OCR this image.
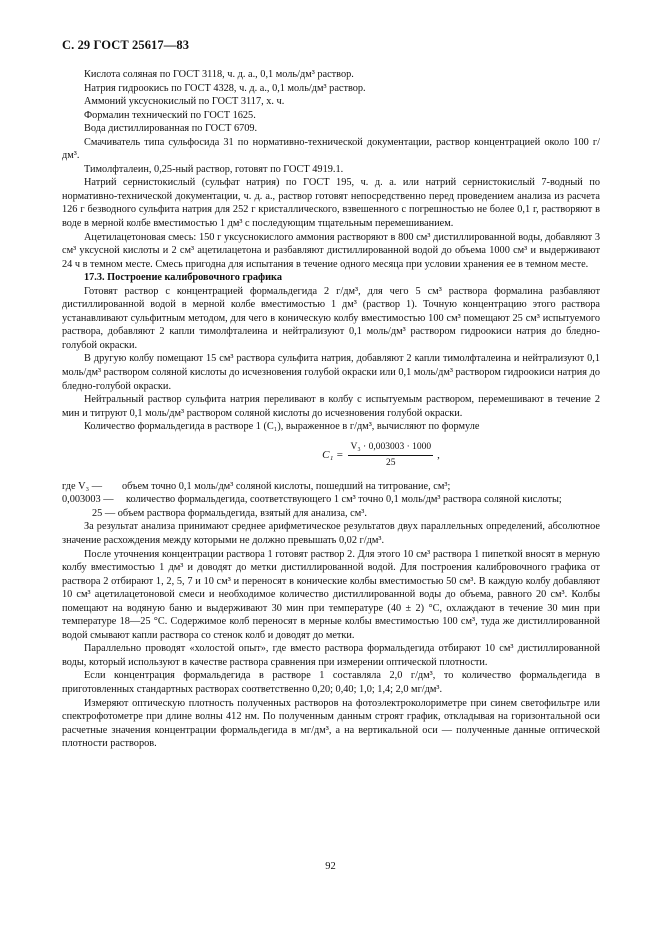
С. 29 ГОСТ 25617—83

Кислота соляная по ГОСТ 3118, ч. д. а., 0,1 моль/дм³ раствор.

Натрия гидроокись по ГОСТ 4328, ч. д. а., 0,1 моль/дм³ раствор.

Аммоний уксуснокислый по ГОСТ 3117, х. ч.

Формалин технический по ГОСТ 1625.

Вода дистиллированная по ГОСТ 6709.

Смачиватель типа сульфосида 31 по нормативно-технической документации, раствор концентрацией около 100 г/дм³.

Тимолфталеин, 0,25-ный раствор, готовят по ГОСТ 4919.1.

Натрий сернистокислый (сульфат натрия) по ГОСТ 195, ч. д. а. или натрий сернистокислый 7-водный по нормативно-технической документации, ч. д. а., раствор готовят непосредственно перед проведением анализа из расчета 126 г безводного сульфита натрия для 252 г кристаллического, взвешенного с погрешностью не более 0,1 г, растворяют в воде в мерной колбе вместимостью 1 дм³ с последующим тщательным перемешиванием.

Ацетилацетоновая смесь: 150 г уксуснокислого аммония растворяют в 800 см³ дистиллированной воды, добавляют 3 см³ уксусной кислоты и 2 см³ ацетилацетона и разбавляют дистиллированной водой до объема 1000 см³ и выдерживают 24 ч в темном месте. Смесь пригодна для испытания в течение одного месяца при условии хранения ее в темном месте.

17.3. Построение калибровочного графика

Готовят раствор с концентрацией формальдегида 2 г/дм³, для чего 5 см³ раствора формалина разбавляют дистиллированной водой в мерной колбе вместимостью 1 дм³ (раствор 1). Точную концентрацию этого раствора устанавливают сульфитным методом, для чего в коническую колбу вместимостью 100 см³ помещают 25 см³ испытуемого раствора, добавляют 2 капли тимолфталеина и нейтрализуют 0,1 моль/дм³ раствором гидроокиси натрия до бледно-голубой окраски.

В другую колбу помещают 15 см³ раствора сульфита натрия, добавляют 2 капли тимолфталеина и нейтрализуют 0,1 моль/дм³ раствором соляной кислоты до исчезновения голубой окраски или 0,1 моль/дм³ раствором гидроокиси натрия до бледно-голубой окраски.

Нейтральный раствор сульфита натрия переливают в колбу с испытуемым раствором, перемешивают в течение 2 мин и титруют 0,1 моль/дм³ раствором соляной кислоты до исчезновения голубой окраски.

Количество формальдегида в растворе 1 (C₁), выраженное в г/дм³, вычисляют по формуле

$C_1 = \frac{\text{V₃ · 0,003003 · 1000}}{25}$ ,
где V₃ —	объем точно 0,1 моль/дм³ соляной кислоты, пошедший на титрование, см³;
0,003003 —	количество формальдегида, соответствующего 1 см³ точно 0,1 моль/дм³ раствора соляной кислоты;

25 — объем раствора формальдегида, взятый для анализа, см³.

За результат анализа принимают среднее арифметическое результатов двух параллельных определений, абсолютное значение расхождения между которыми не должно превышать 0,02 г/дм³.

После уточнения концентрации раствора 1 готовят раствор 2. Для этого 10 см³ раствора 1 пипеткой вносят в мерную колбу вместимостью 1 дм³ и доводят до метки дистиллированной водой. Для построения калибровочного графика от раствора 2 отбирают 1, 2, 5, 7 и 10 см³ и переносят в конические колбы вместимостью 50 см³. В каждую колбу добавляют 10 см³ ацетилацетоновой смеси и необходимое количество дистиллированной воды до объема, равного 20 см³. Колбы помещают на водяную баню и выдерживают 30 мин при температуре (40 ± 2) °С, охлаждают в течение 30 мин при температуре 18—25 °С. Содержимое колб переносят в мерные колбы вместимостью 100 см³, туда же дистиллированной водой смывают капли раствора со стенок колб и доводят до метки.

Параллельно проводят «холостой опыт», где вместо раствора формальдегида отбирают 10 см³ дистиллированной воды, который используют в качестве раствора сравнения при измерении оптической плотности.

Если концентрация формальдегида в растворе 1 составляла 2,0 г/дм³, то количество формальдегида в приготовленных стандартных растворах соответственно 0,20; 0,40; 1,0; 1,4; 2,0 мг/дм³.

Измеряют оптическую плотность полученных растворов на фотоэлектроколориметре при синем светофильтре или спектрофотометре при длине волны 412 нм. По полученным данным строят график, откладывая на горизонтальной оси расчетные значения концентрации формальдегида в мг/дм³, а на вертикальной оси — полученные данные оптической плотности растворов.

92
